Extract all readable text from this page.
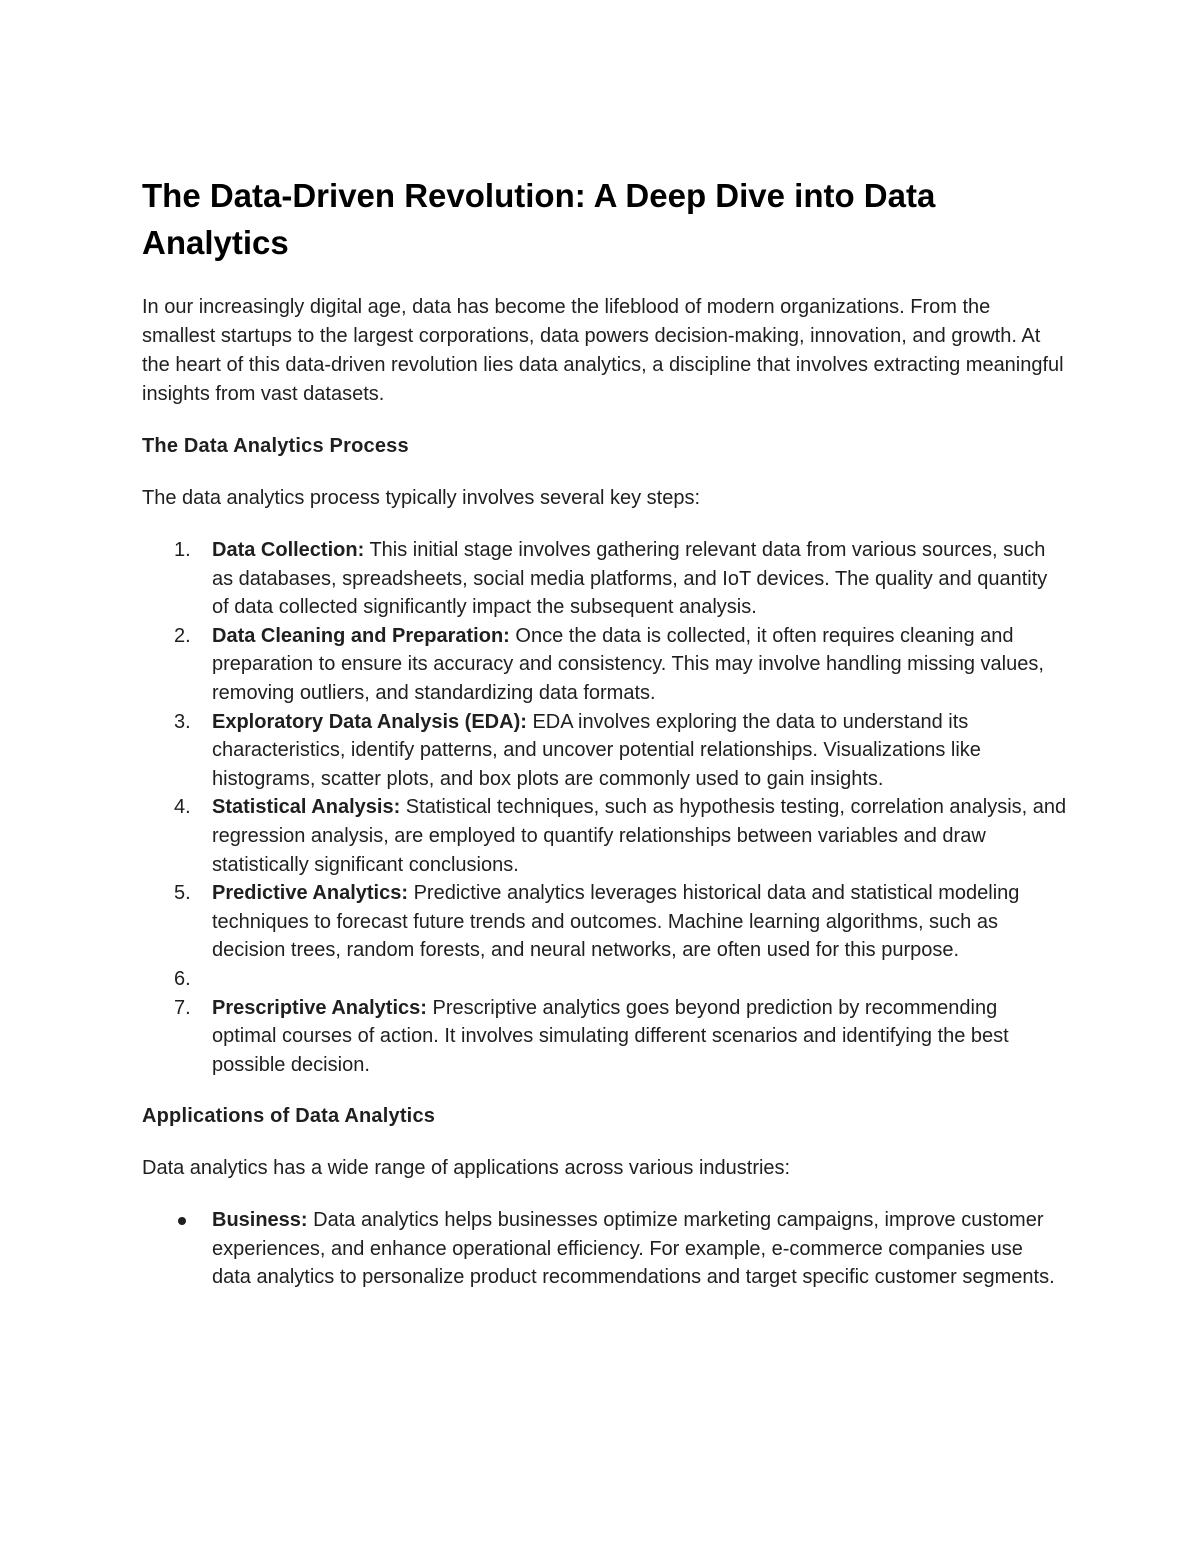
The Data-Driven Revolution: A Deep Dive into Data Analytics

In our increasingly digital age, data has become the lifeblood of modern organizations. From the smallest startups to the largest corporations, data powers decision-making, innovation, and growth. At the heart of this data-driven revolution lies data analytics, a discipline that involves extracting meaningful insights from vast datasets.

The Data Analytics Process

The data analytics process typically involves several key steps:

1.	Data Collection: This initial stage involves gathering relevant data from various sources, such as databases, spreadsheets, social media platforms, and IoT devices. The quality and quantity of data collected significantly impact the subsequent analysis.
2.	Data Cleaning and Preparation: Once the data is collected, it often requires cleaning and preparation to ensure its accuracy and consistency. This may involve handling missing values, removing outliers, and standardizing data formats.
3.	Exploratory Data Analysis (EDA): EDA involves exploring the data to understand its characteristics, identify patterns, and uncover potential relationships. Visualizations like histograms, scatter plots, and box plots are commonly used to gain insights.
4.	Statistical Analysis: Statistical techniques, such as hypothesis testing, correlation analysis, and regression analysis, are employed to quantify relationships between variables and draw statistically significant conclusions.
5.	Predictive Analytics: Predictive analytics leverages historical data and statistical modeling techniques to forecast future trends and outcomes. Machine learning algorithms, such as decision trees, random forests, and neural networks, are often used for this purpose.
6.
7.	Prescriptive Analytics: Prescriptive analytics goes beyond prediction by recommending optimal courses of action. It involves simulating different scenarios and identifying the best possible decision.
Applications of Data Analytics

Data analytics has a wide range of applications across various industries:

Business: Data analytics helps businesses optimize marketing campaigns, improve customer experiences, and enhance operational efficiency. For example, e-commerce companies use data analytics to personalize product recommendations and target specific customer segments.
